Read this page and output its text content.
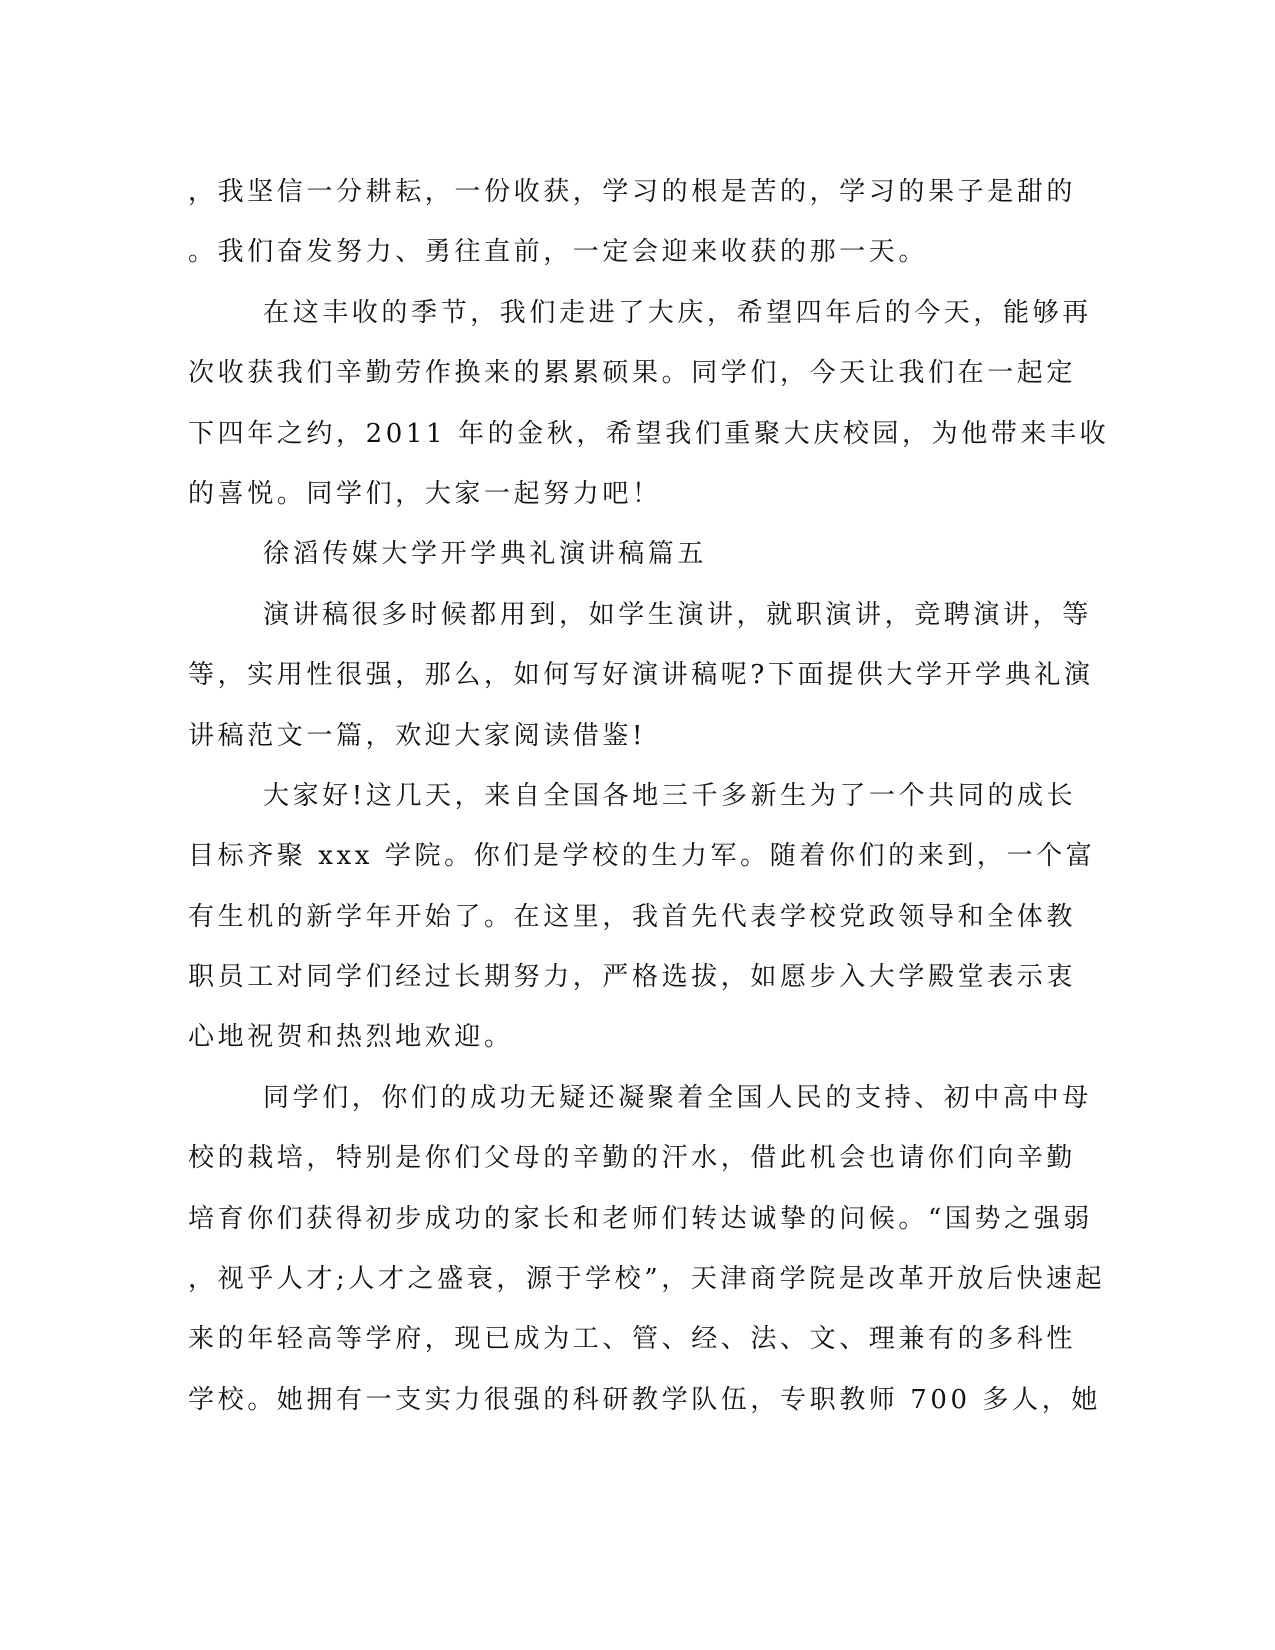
，我坚信一分耕耘，一份收获，学习的根是苦的，学习的果子是甜的
。我们奋发努力、勇往直前，一定会迎来收获的那一天。
在这丰收的季节，我们走进了大庆，希望四年后的今天，能够再
次收获我们辛勤劳作换来的累累硕果。同学们，今天让我们在一起定
下四年之约，2011 年的金秋，希望我们重聚大庆校园，为他带来丰收
的喜悦。同学们，大家一起努力吧！
徐滔传媒大学开学典礼演讲稿篇五
演讲稿很多时候都用到，如学生演讲，就职演讲，竞聘演讲，等
等，实用性很强，那么，如何写好演讲稿呢?下面提供大学开学典礼演
讲稿范文一篇，欢迎大家阅读借鉴!
大家好!这几天，来自全国各地三千多新生为了一个共同的成长
目标齐聚 xxx 学院。你们是学校的生力军。随着你们的来到，一个富
有生机的新学年开始了。在这里，我首先代表学校党政领导和全体教
职员工对同学们经过长期努力，严格选拔，如愿步入大学殿堂表示衷
心地祝贺和热烈地欢迎。
同学们，你们的成功无疑还凝聚着全国人民的支持、初中高中母
校的栽培，特别是你们父母的辛勤的汗水，借此机会也请你们向辛勤
培育你们获得初步成功的家长和老师们转达诚挚的问候。“国势之强弱
，视乎人才;人才之盛衰，源于学校”，天津商学院是改革开放后快速起
来的年轻高等学府，现已成为工、管、经、法、文、理兼有的多科性
学校。她拥有一支实力很强的科研教学队伍，专职教师 700 多人，她
